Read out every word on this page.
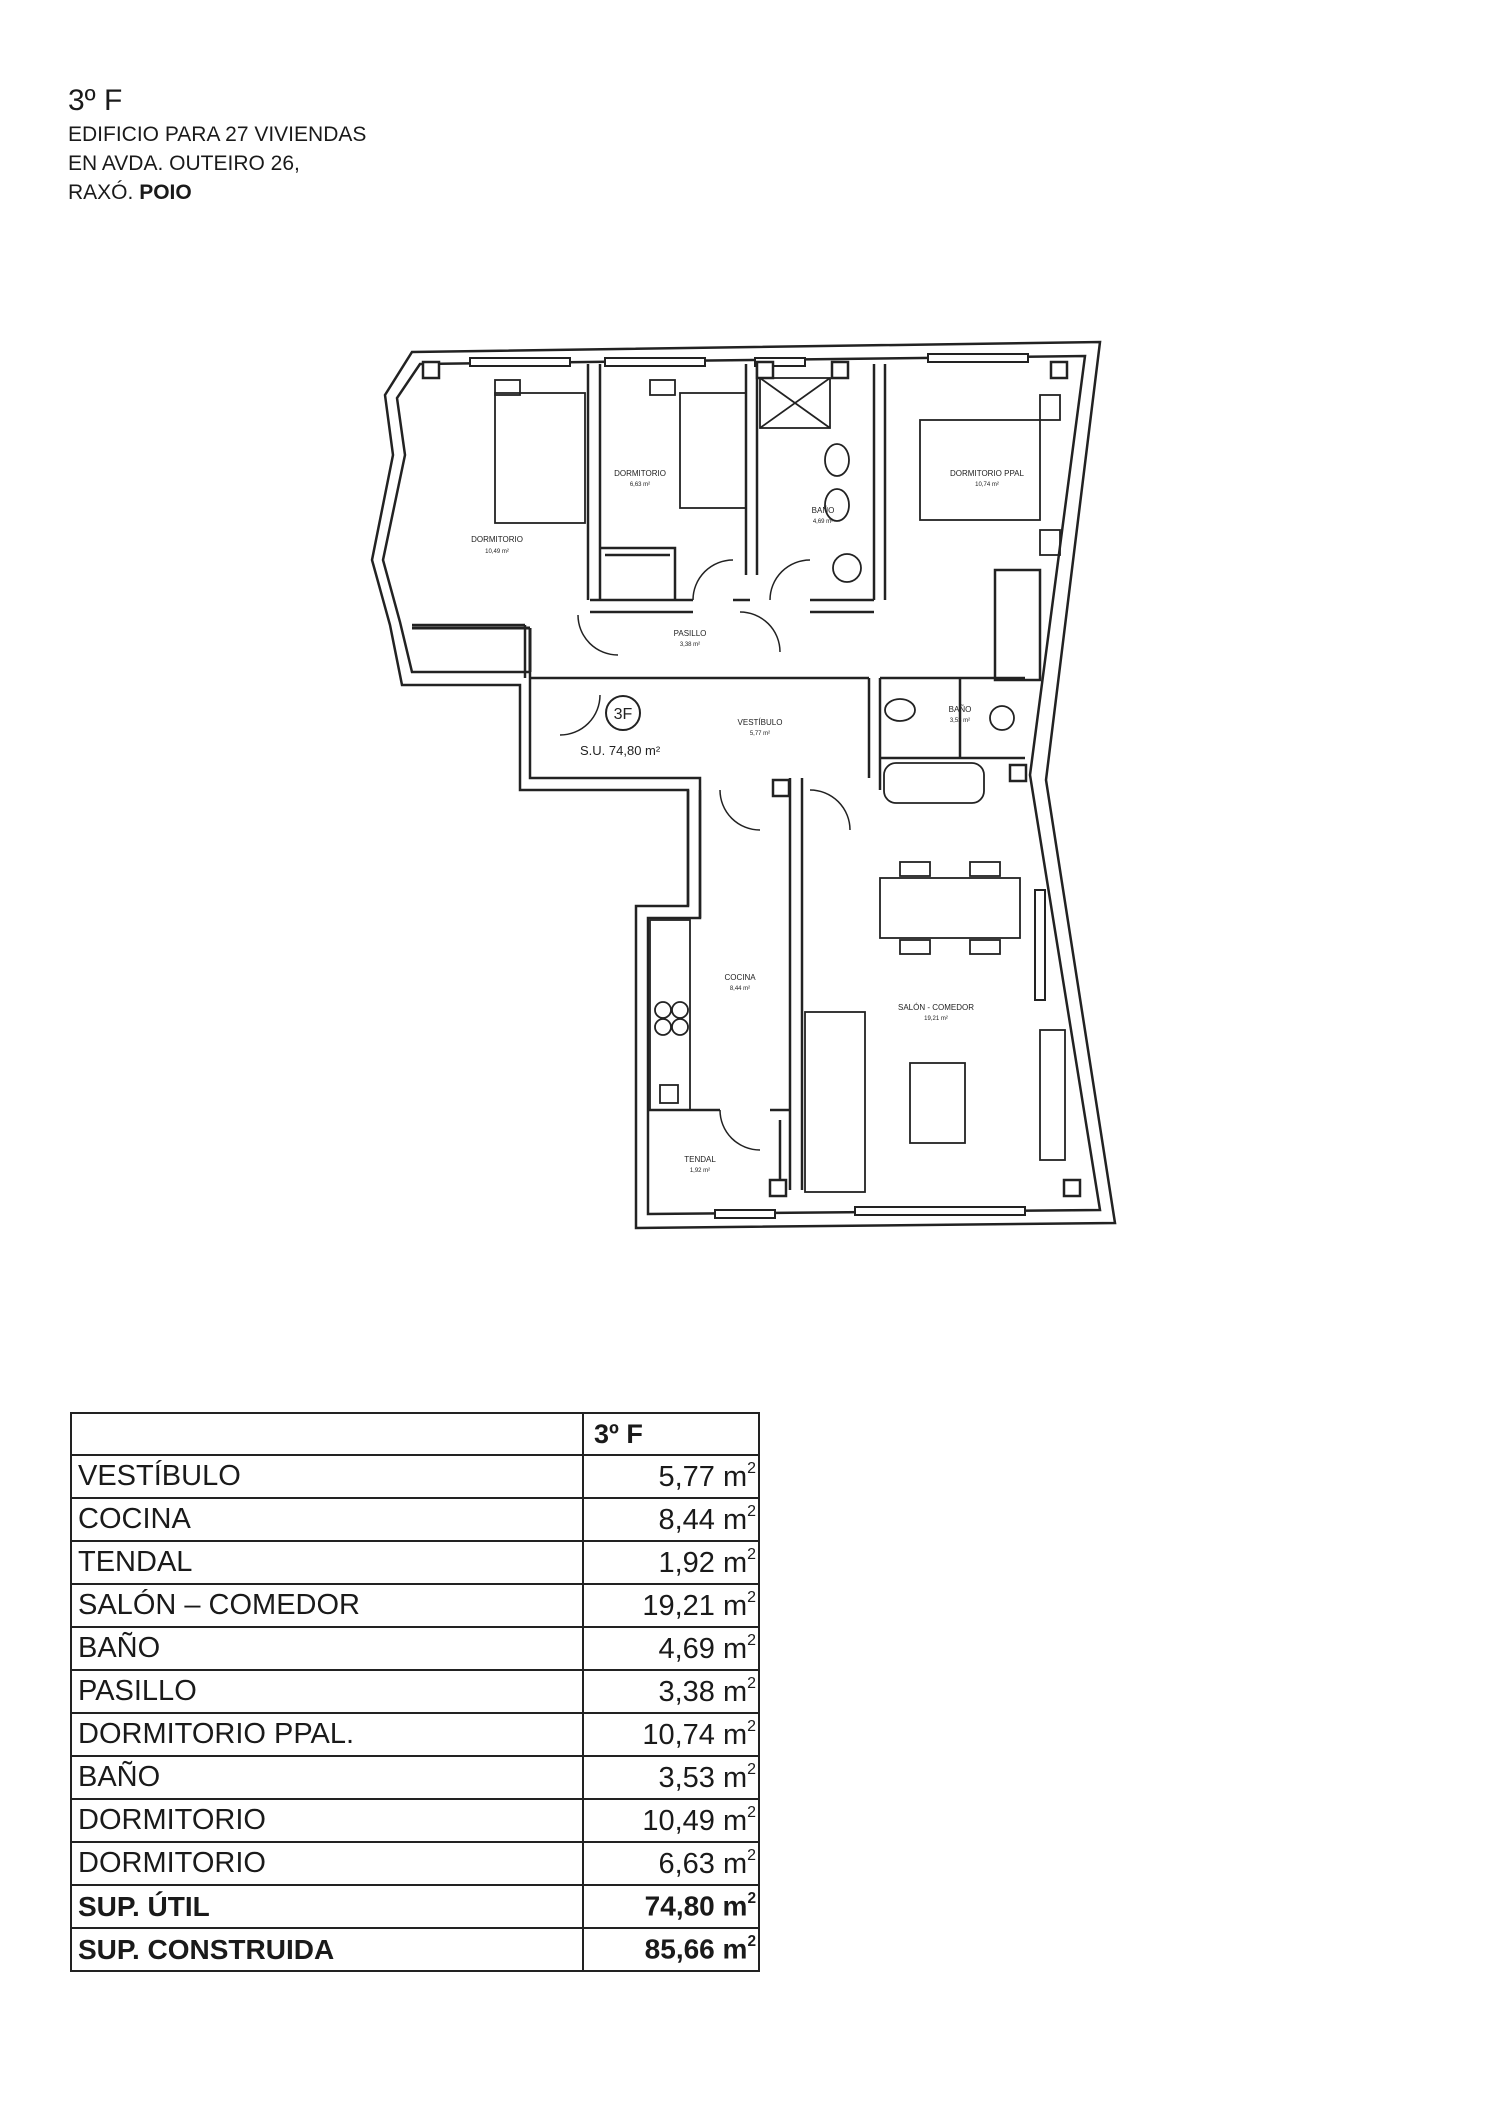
3º F
EDIFICIO PARA 27 VIVIENDAS
EN AVDA. OUTEIRO 26,
RAXÓ. POIO
3F
S.U. 74,80 m²
DORMITORIO
10,49 m²
DORMITORIO
6,63 m²
BAÑO
4,69 m²
DORMITORIO PPAL
10,74 m²
PASILLO
3,38 m²
VESTÍBULO
5,77 m²
BAÑO
3,53 m²
COCINA
8,44 m²
SALÓN - COMEDOR
19,21 m²
TENDAL
1,92 m²
	3º F
VESTÍBULO	5,77 $m^2$
COCINA	8,44 $m^2$
TENDAL	1,92 $m^2$
SALÓN – COMEDOR	19,21 $m^2$
BAÑO	4,69 $m^2$
PASILLO	3,38 $m^2$
DORMITORIO PPAL.	10,74 $m^2$
BAÑO	3,53 $m^2$
DORMITORIO	10,49 $m^2$
DORMITORIO	6,63 $m^2$
SUP. ÚTIL	74,80 $m^2$
SUP. CONSTRUIDA	85,66 $m^2$
